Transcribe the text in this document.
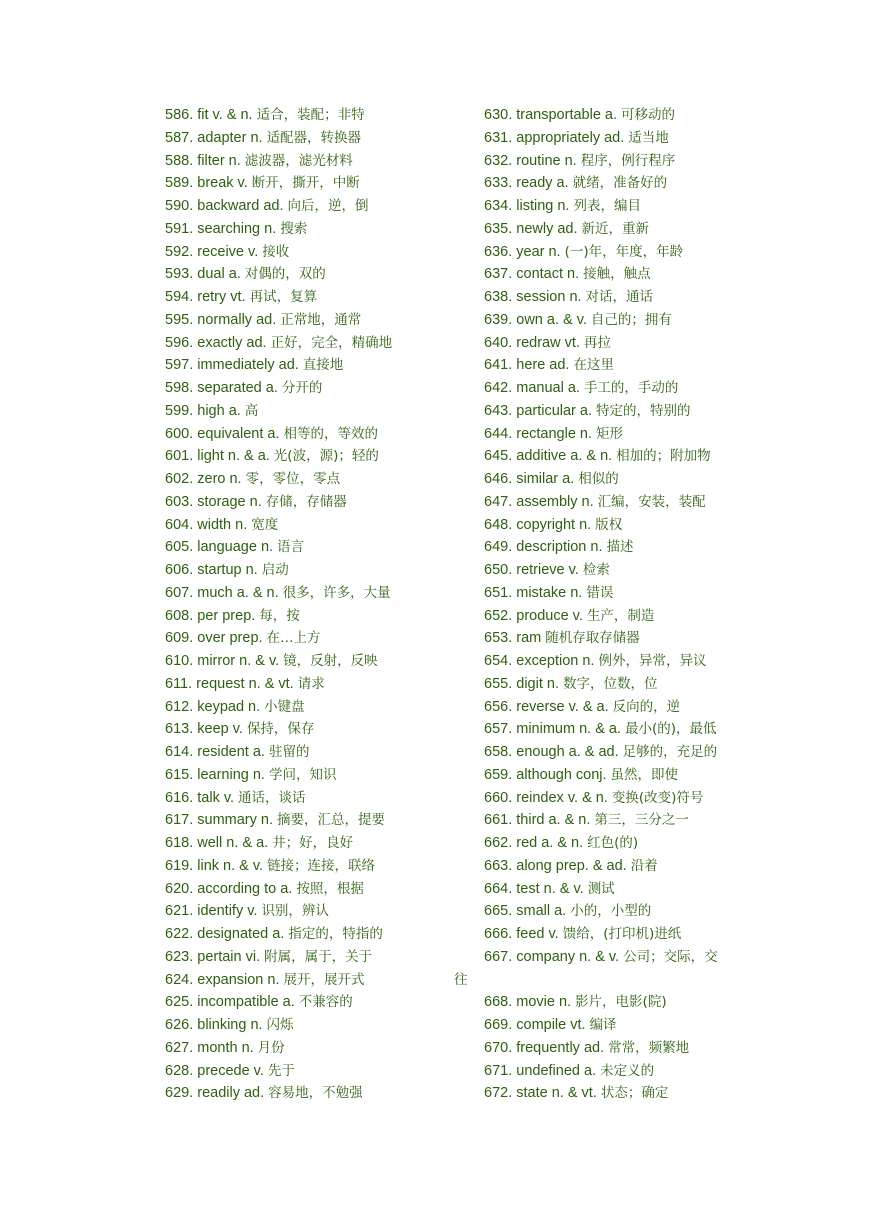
586. fit v. & n. 适合，装配；非特
587. adapter n. 适配器，转换器
588. filter n. 滤波器，滤光材料
589. break v. 断开，撕开，中断
590. backward ad. 向后，逆，倒
591. searching n. 搜索
592. receive v. 接收
593. dual a. 对偶的，双的
594. retry vt. 再试，复算
595. normally ad. 正常地，通常
596. exactly ad. 正好，完全，精确地
597. immediately ad. 直接地
598. separated a. 分开的
599. high a. 高
600. equivalent a. 相等的，等效的
601. light n. & a. 光(波，源)；轻的
602. zero n. 零，零位，零点
603. storage n. 存储，存储器
604. width n. 宽度
605. language n. 语言
606. startup n. 启动
607. much a. & n. 很多，许多，大量
608. per prep. 每，按
609. over prep. 在…上方
610. mirror n. & v. 镜，反射，反映
611. request n. & vt. 请求
612. keypad n. 小键盘
613. keep v. 保持，保存
614. resident a. 驻留的
615. learning n. 学问，知识
616. talk v. 通话，谈话
617. summary n. 摘要，汇总，提要
618. well n. & a. 井；好，良好
619. link n. & v. 链接；连接，联络
620. according to a. 按照，根据
621. identify v. 识别，辨认
622. designated a. 指定的，特指的
623. pertain vi. 附属，属于，关于
624. expansion n. 展开，展开式	往
625. incompatible a. 不兼容的
626. blinking n. 闪烁
627. month n. 月份
628. precede v. 先于
629. readily ad. 容易地，不勉强
630. transportable a. 可移动的
631. appropriately ad. 适当地
632. routine n. 程序，例行程序
633. ready a. 就绪，准备好的
634. listing n. 列表，编目
635. newly ad. 新近，重新
636. year n. (一)年，年度，年龄
637. contact n. 接触，触点
638. session n. 对话，通话
639. own a. & v. 自己的；拥有
640. redraw vt. 再拉
641. here ad. 在这里
642. manual a. 手工的，手动的
643. particular a. 特定的，特别的
644. rectangle n. 矩形
645. additive a. & n. 相加的；附加物
646. similar a. 相似的
647. assembly n. 汇编，安装，装配
648. copyright n. 版权
649. description n. 描述
650. retrieve v. 检索
651. mistake n. 错误
652. produce v. 生产，制造
653. ram 随机存取存储器
654. exception n. 例外，异常，异议
655. digit n. 数字，位数，位
656. reverse v. & a. 反向的，逆
657. minimum n. & a. 最小(的)，最低
658. enough a. & ad. 足够的，充足的
659. although conj. 虽然，即使
660. reindex v. & n. 变换(改变)符号
661. third a. & n. 第三，三分之一
662. red a. & n. 红色(的)
663. along prep. & ad. 沿着
664. test n. & v. 测试
665. small a. 小的，小型的
666. feed v. 馈给，(打印机)进纸
667. company n. & v. 公司；交际，交
668. movie n. 影片，电影(院)
669. compile vt. 编译
670. frequently ad. 常常，频繁地
671. undefined a. 未定义的
672. state n. & vt. 状态；确定
